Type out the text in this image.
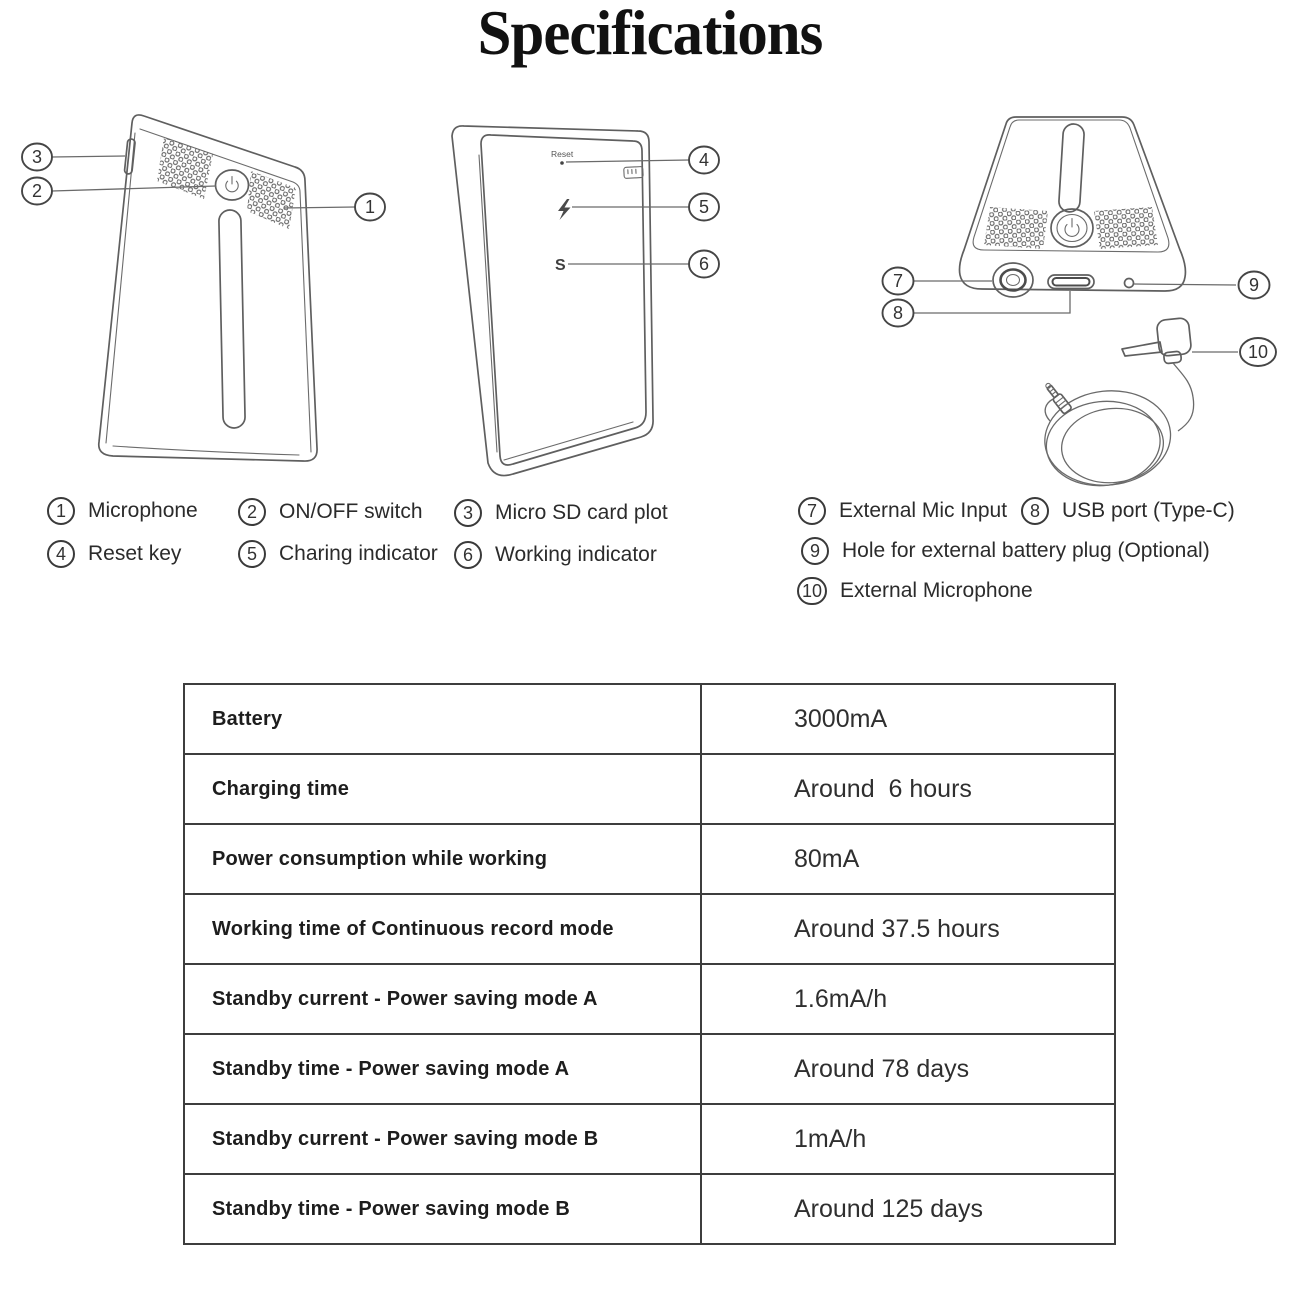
Specifications
Reset
S
3
2
1
4
5
6
7
8
9
10
1	Microphone	2	ON/OFF switch	3	Micro SD card plot
4	Reset key	5	Charing indicator	6	Working indicator
7	External Mic Input	8	USB port (Type-C)
9	Hole for external battery plug (Optional)
10 External Microphone
Battery	3000mA
Charging time	Around  6 hours
Power consumption while working	80mA
Working time of Continuous record mode	Around 37.5 hours
Standby current - Power saving mode A	1.6mA/h
Standby time - Power saving mode A	Around 78 days
Standby current - Power saving mode B	1mA/h
Standby time - Power saving mode B	Around 125 days
